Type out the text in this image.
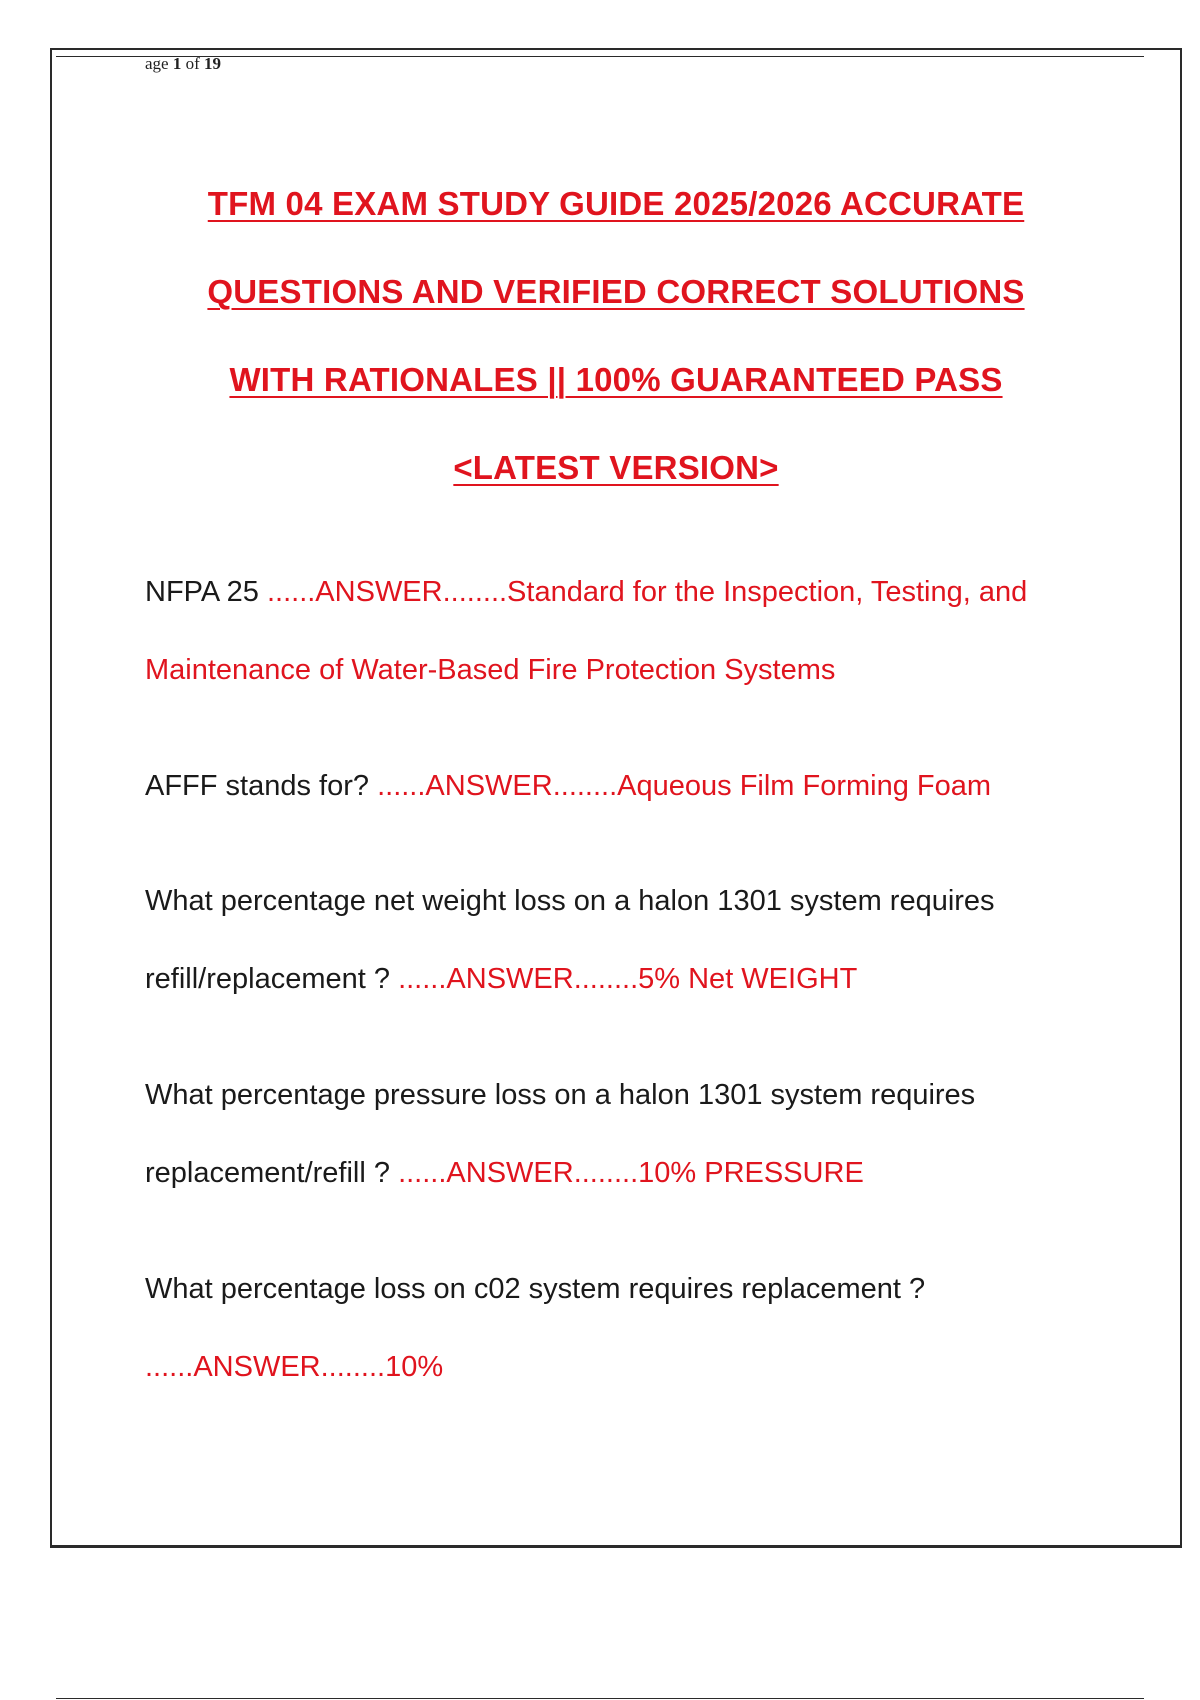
age 1 of 19
TFM 04 EXAM STUDY GUIDE 2025/2026 ACCURATE
QUESTIONS AND VERIFIED CORRECT SOLUTIONS
WITH RATIONALES || 100% GUARANTEED PASS
<LATEST VERSION>
NFPA 25 ......ANSWER........Standard for the Inspection, Testing, and Maintenance of Water-Based Fire Protection Systems
AFFF stands for? ......ANSWER........Aqueous Film Forming Foam
What percentage net weight loss on a halon 1301 system requires refill/replacement ? ......ANSWER........5% Net WEIGHT
What percentage pressure loss on a halon 1301 system requires replacement/refill ? ......ANSWER........10% PRESSURE
What percentage loss on c02 system requires replacement ? ......ANSWER........10%
